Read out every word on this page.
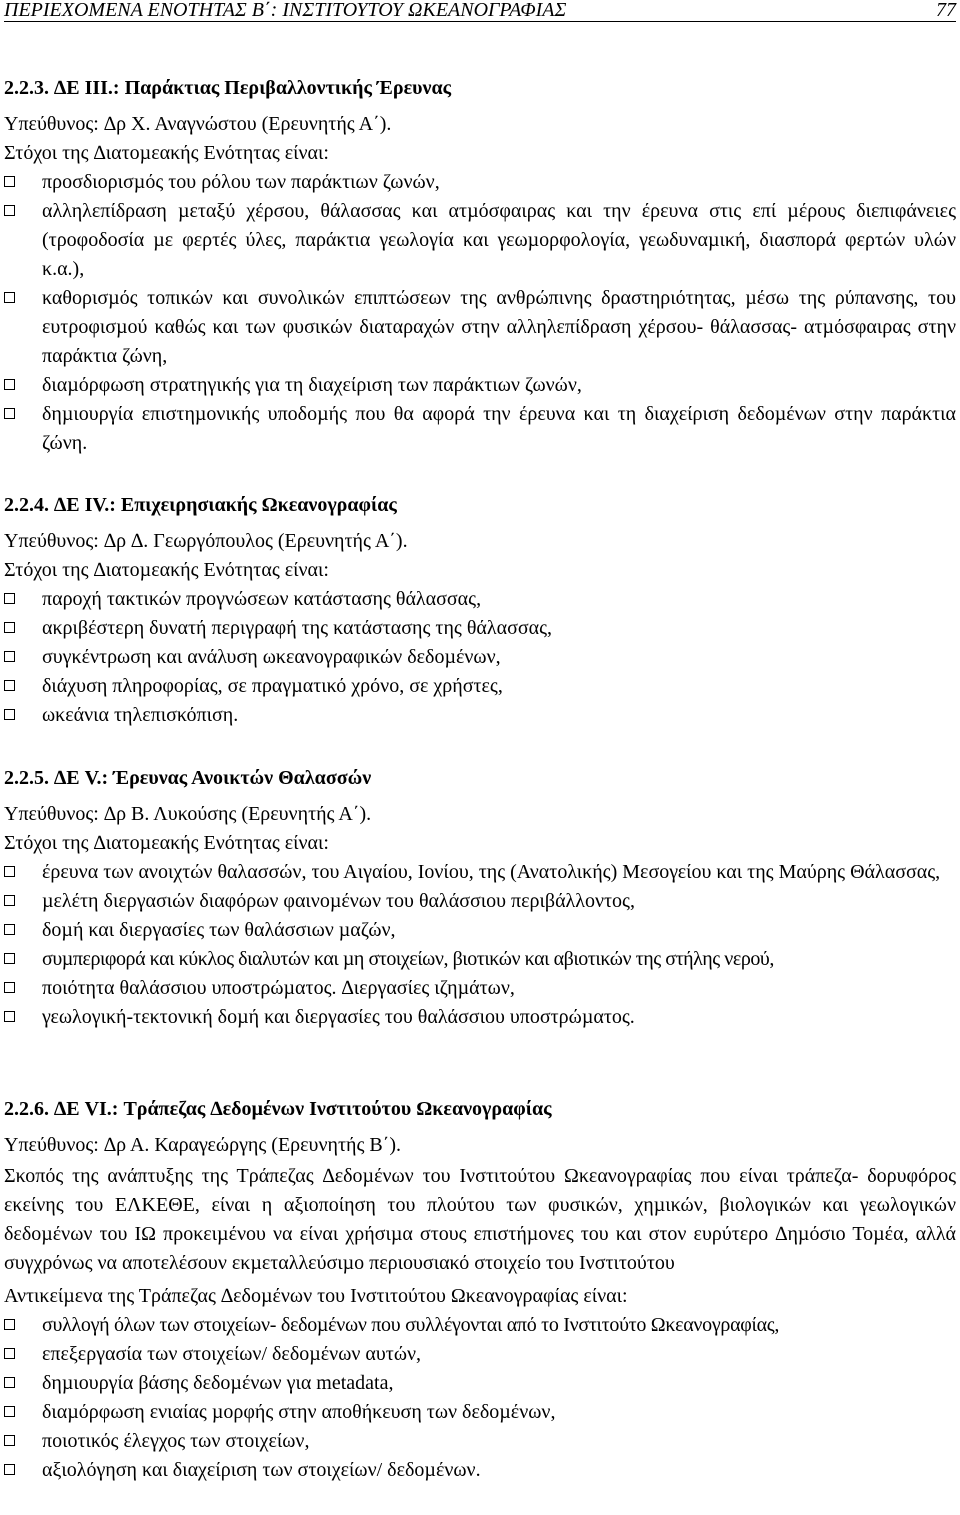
ΠΕΡΙΕΧΟΜΕΝΑ ΕΝΟΤΗΤΑΣ Β΄: ΙΝΣΤΙΤΟΥΤΟΥ ΩΚΕΑΝΟΓΡΑΦΙΑΣ	77
2.2.3. ∆Ε ΙΙΙ.: Παράκτιας Περιβαλλοντικής Έρευνας
Υπεύθυνος: ∆ρ Χ. Αναγνώστου (Ερευνητής Α΄).
Στόχοι της ∆ιατοµεακής Ενότητας είναι:
προσδιορισµός του ρόλου των παράκτιων ζωνών,
αλληλεπίδραση µεταξύ χέρσου, θάλασσας και ατµόσφαιρας και την έρευνα στις επί µέρους διεπιφάνειες (τροφοδοσία µε φερτές ύλες, παράκτια γεωλογία και γεωµορφολογία, γεωδυναµική, διασπορά φερτών υλών κ.α.),
καθορισµός τοπικών και συνολικών επιπτώσεων της ανθρώπινης δραστηριότητας, µέσω της ρύπανσης, του ευτροφισµού καθώς και των φυσικών διαταραχών στην αλληλεπίδραση χέρσου- θάλασσας- ατµόσφαιρας στην παράκτια ζώνη,
διαµόρφωση στρατηγικής για τη διαχείριση των παράκτιων ζωνών,
δηµιουργία επιστηµονικής υποδοµής που θα αφορά την έρευνα και τη διαχείριση δεδοµένων στην παράκτια ζώνη.
2.2.4. ∆Ε ΙV.: Επιχειρησιακής Ωκεανογραφίας
Υπεύθυνος: ∆ρ ∆. Γεωργόπουλος (Ερευνητής Α΄).
Στόχοι της ∆ιατοµεακής Ενότητας είναι:
παροχή τακτικών προγνώσεων κατάστασης θάλασσας,
ακριβέστερη δυνατή περιγραφή της κατάστασης της θάλασσας,
συγκέντρωση και ανάλυση ωκεανογραφικών δεδοµένων,
διάχυση πληροφορίας, σε πραγµατικό χρόνο, σε χρήστες,
ωκεάνια τηλεπισκόπιση.
2.2.5. ∆Ε V.: Έρευνας Ανοικτών Θαλασσών
Υπεύθυνος: ∆ρ Β. Λυκούσης (Ερευνητής Α΄).
Στόχοι της ∆ιατοµεακής Ενότητας είναι:
έρευνα των ανοιχτών θαλασσών, του Αιγαίου, Ιονίου, της (Ανατολικής) Μεσογείου και της Μαύρης Θάλασσας,
µελέτη διεργασιών διαφόρων φαινοµένων του θαλάσσιου περιβάλλοντος,
δοµή και διεργασίες των θαλάσσιων µαζών,
συµπεριφορά και κύκλος διαλυτών και µη στοιχείων, βιοτικών και αβιοτικών της στήλης νερού,
ποιότητα θαλάσσιου υποστρώµατος. ∆ιεργασίες ιζηµάτων,
γεωλογική-τεκτονική δοµή και διεργασίες του θαλάσσιου υποστρώµατος.
2.2.6. ∆Ε VI.: Τράπεζας ∆εδοµένων Ινστιτούτου Ωκεανογραφίας
Υπεύθυνος: ∆ρ Α. Καραγεώργης (Ερευνητής Β΄).
Σκοπός της ανάπτυξης της Τράπεζας ∆εδοµένων του Ινστιτούτου Ωκεανογραφίας που είναι τράπεζα- δορυφόρος εκείνης του ΕΛΚΕΘΕ, είναι η αξιοποίηση του πλούτου των φυσικών, χηµικών, βιολογικών και γεωλογικών δεδοµένων του ΙΩ προκειµένου να είναι χρήσιµα στους επιστήµονες του και στον ευρύτερο ∆ηµόσιο Τοµέα, αλλά συγχρόνως να αποτελέσουν εκµεταλλεύσιµο περιουσιακό στοιχείο του Ινστιτούτου
Αντικείµενα της Τράπεζας ∆εδοµένων του Ινστιτούτου Ωκεανογραφίας είναι:
συλλογή όλων των στοιχείων- δεδοµένων που συλλέγονται από το Ινστιτούτο Ωκεανογραφίας,
επεξεργασία των στοιχείων/ δεδοµένων αυτών,
δηµιουργία βάσης δεδοµένων για metadata,
διαµόρφωση ενιαίας µορφής στην αποθήκευση των δεδοµένων,
ποιοτικός έλεγχος των στοιχείων,
αξιολόγηση και διαχείριση των στοιχείων/ δεδοµένων.
